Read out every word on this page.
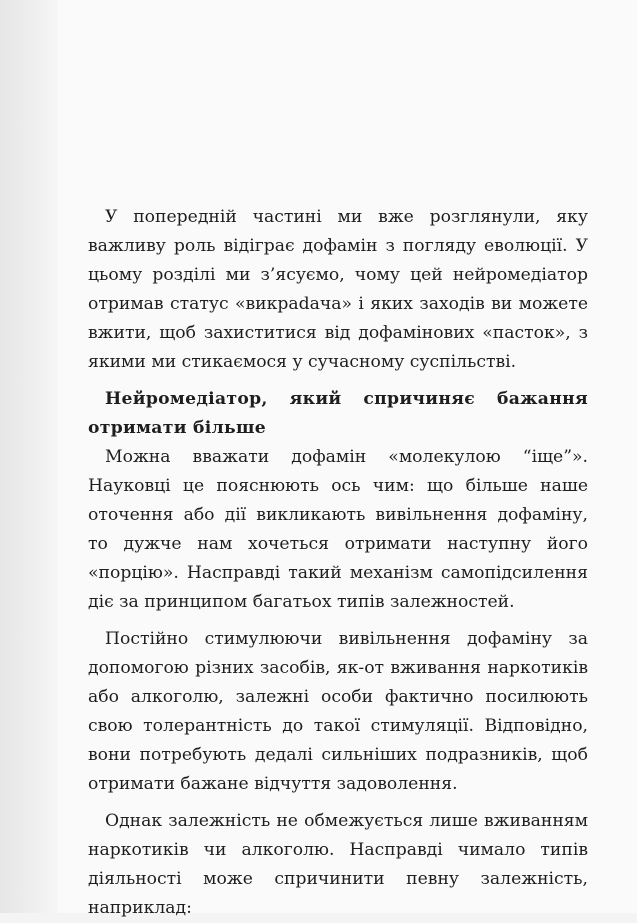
У попередній частині ми вже розглянули, яку важливу роль відіграє дофамін з погляду еволюції. У цьому розділі ми з’ясуємо, чому цей нейромедіатор отримав статус «викраdача» і яких заходів ви можете вжити, щоб захиститися від дофамінових «пасток», з якими ми стикаємося у сучасному суспільстві.

Нейромедіатор, який спричиняє бажання отримати більше

Можна вважати дофамін «молекулою “іще”». Науковці це пояснюють ось чим: що більше наше оточення або дії викликають вивільнення дофаміну, то дужче нам хочеться отримати наступну його «порцію». Насправді такий механізм самопідсилення діє за принципом багатьох типів залежностей.

Постійно стимулюючи вивільнення дофаміну за допомогою різних засобів, як-от вживання наркотиків або алкоголю, залежні особи фактично посилюють свою толерантність до такої стимуляції. Відповідно, вони потребують дедалі сильніших подразників, щоб отримати бажане відчуття задоволення.

Однак залежність не обмежується лише вживанням наркотиків чи алкоголю. Насправді чимало типів діяльності може спричинити певну залежність, наприклад:
